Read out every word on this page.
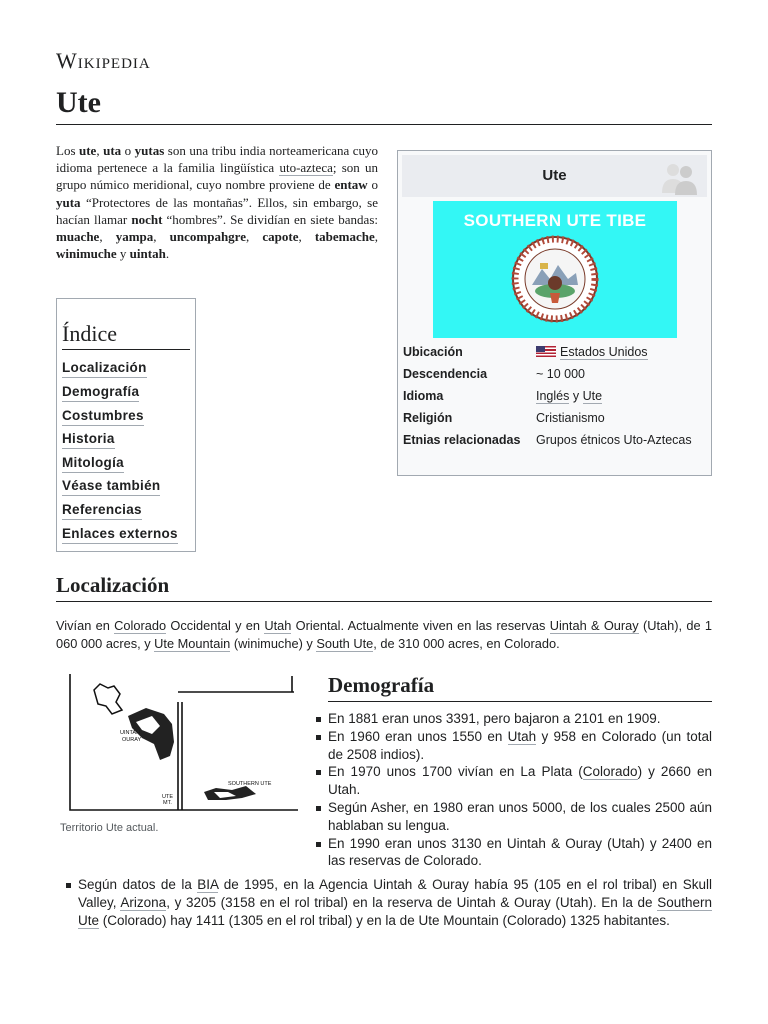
Wikipedia
Ute
Los ute, uta o yutas son una tribu india norteamericana cuyo idioma pertenece a la familia lingüística uto-azteca; son un grupo númico meridional, cuyo nombre proviene de entaw o yuta “Protectores de las montañas”. Ellos, sin embargo, se hacían llamar nocht “hombres”. Se dividían en siete bandas: muache, yampa, uncompahgre, capote, tabemache, winimuche y uintah.
Ute
SOUTHERN UTE TIBE
Ubicación	Estados Unidos
Descendencia	~ 10 000
Idioma	Inglés y Ute
Religión	Cristianismo
Etnias relacionadas	Grupos étnicos Uto-Aztecas
Índice
Localización
Demografía
Costumbres
Historia
Mitología
Véase también
Referencias
Enlaces externos
Localización
Vivían en Colorado Occidental y en Utah Oriental. Actualmente viven en las reservas Uintah & Ouray (Utah), de 1 060 000 acres, y Ute Mountain (winimuche) y South Ute, de 310 000 acres, en Colorado.
UINTAH
OURAY
UTE
MT.
SOUTHERN UTE
Territorio Ute actual.
Demografía
En 1881 eran unos 3391, pero bajaron a 2101 en 1909.
En 1960 eran unos 1550 en Utah y 958 en Colorado (un total de 2508 indios).
En 1970 unos 1700 vivían en La Plata (Colorado) y 2660 en Utah.
Según Asher, en 1980 eran unos 5000, de los cuales 2500 aún hablaban su lengua.
En 1990 eran unos 3130 en Uintah & Ouray (Utah) y 2400 en las reservas de Colorado.
Según datos de la BIA de 1995, en la Agencia Uintah & Ouray había 95 (105 en el rol tribal) en Skull Valley, Arizona, y 3205 (3158 en el rol tribal) en la reserva de Uintah & Ouray (Utah). En la de Southern Ute (Colorado) hay 1411 (1305 en el rol tribal) y en la de Ute Mountain (Colorado) 1325 habitantes.
